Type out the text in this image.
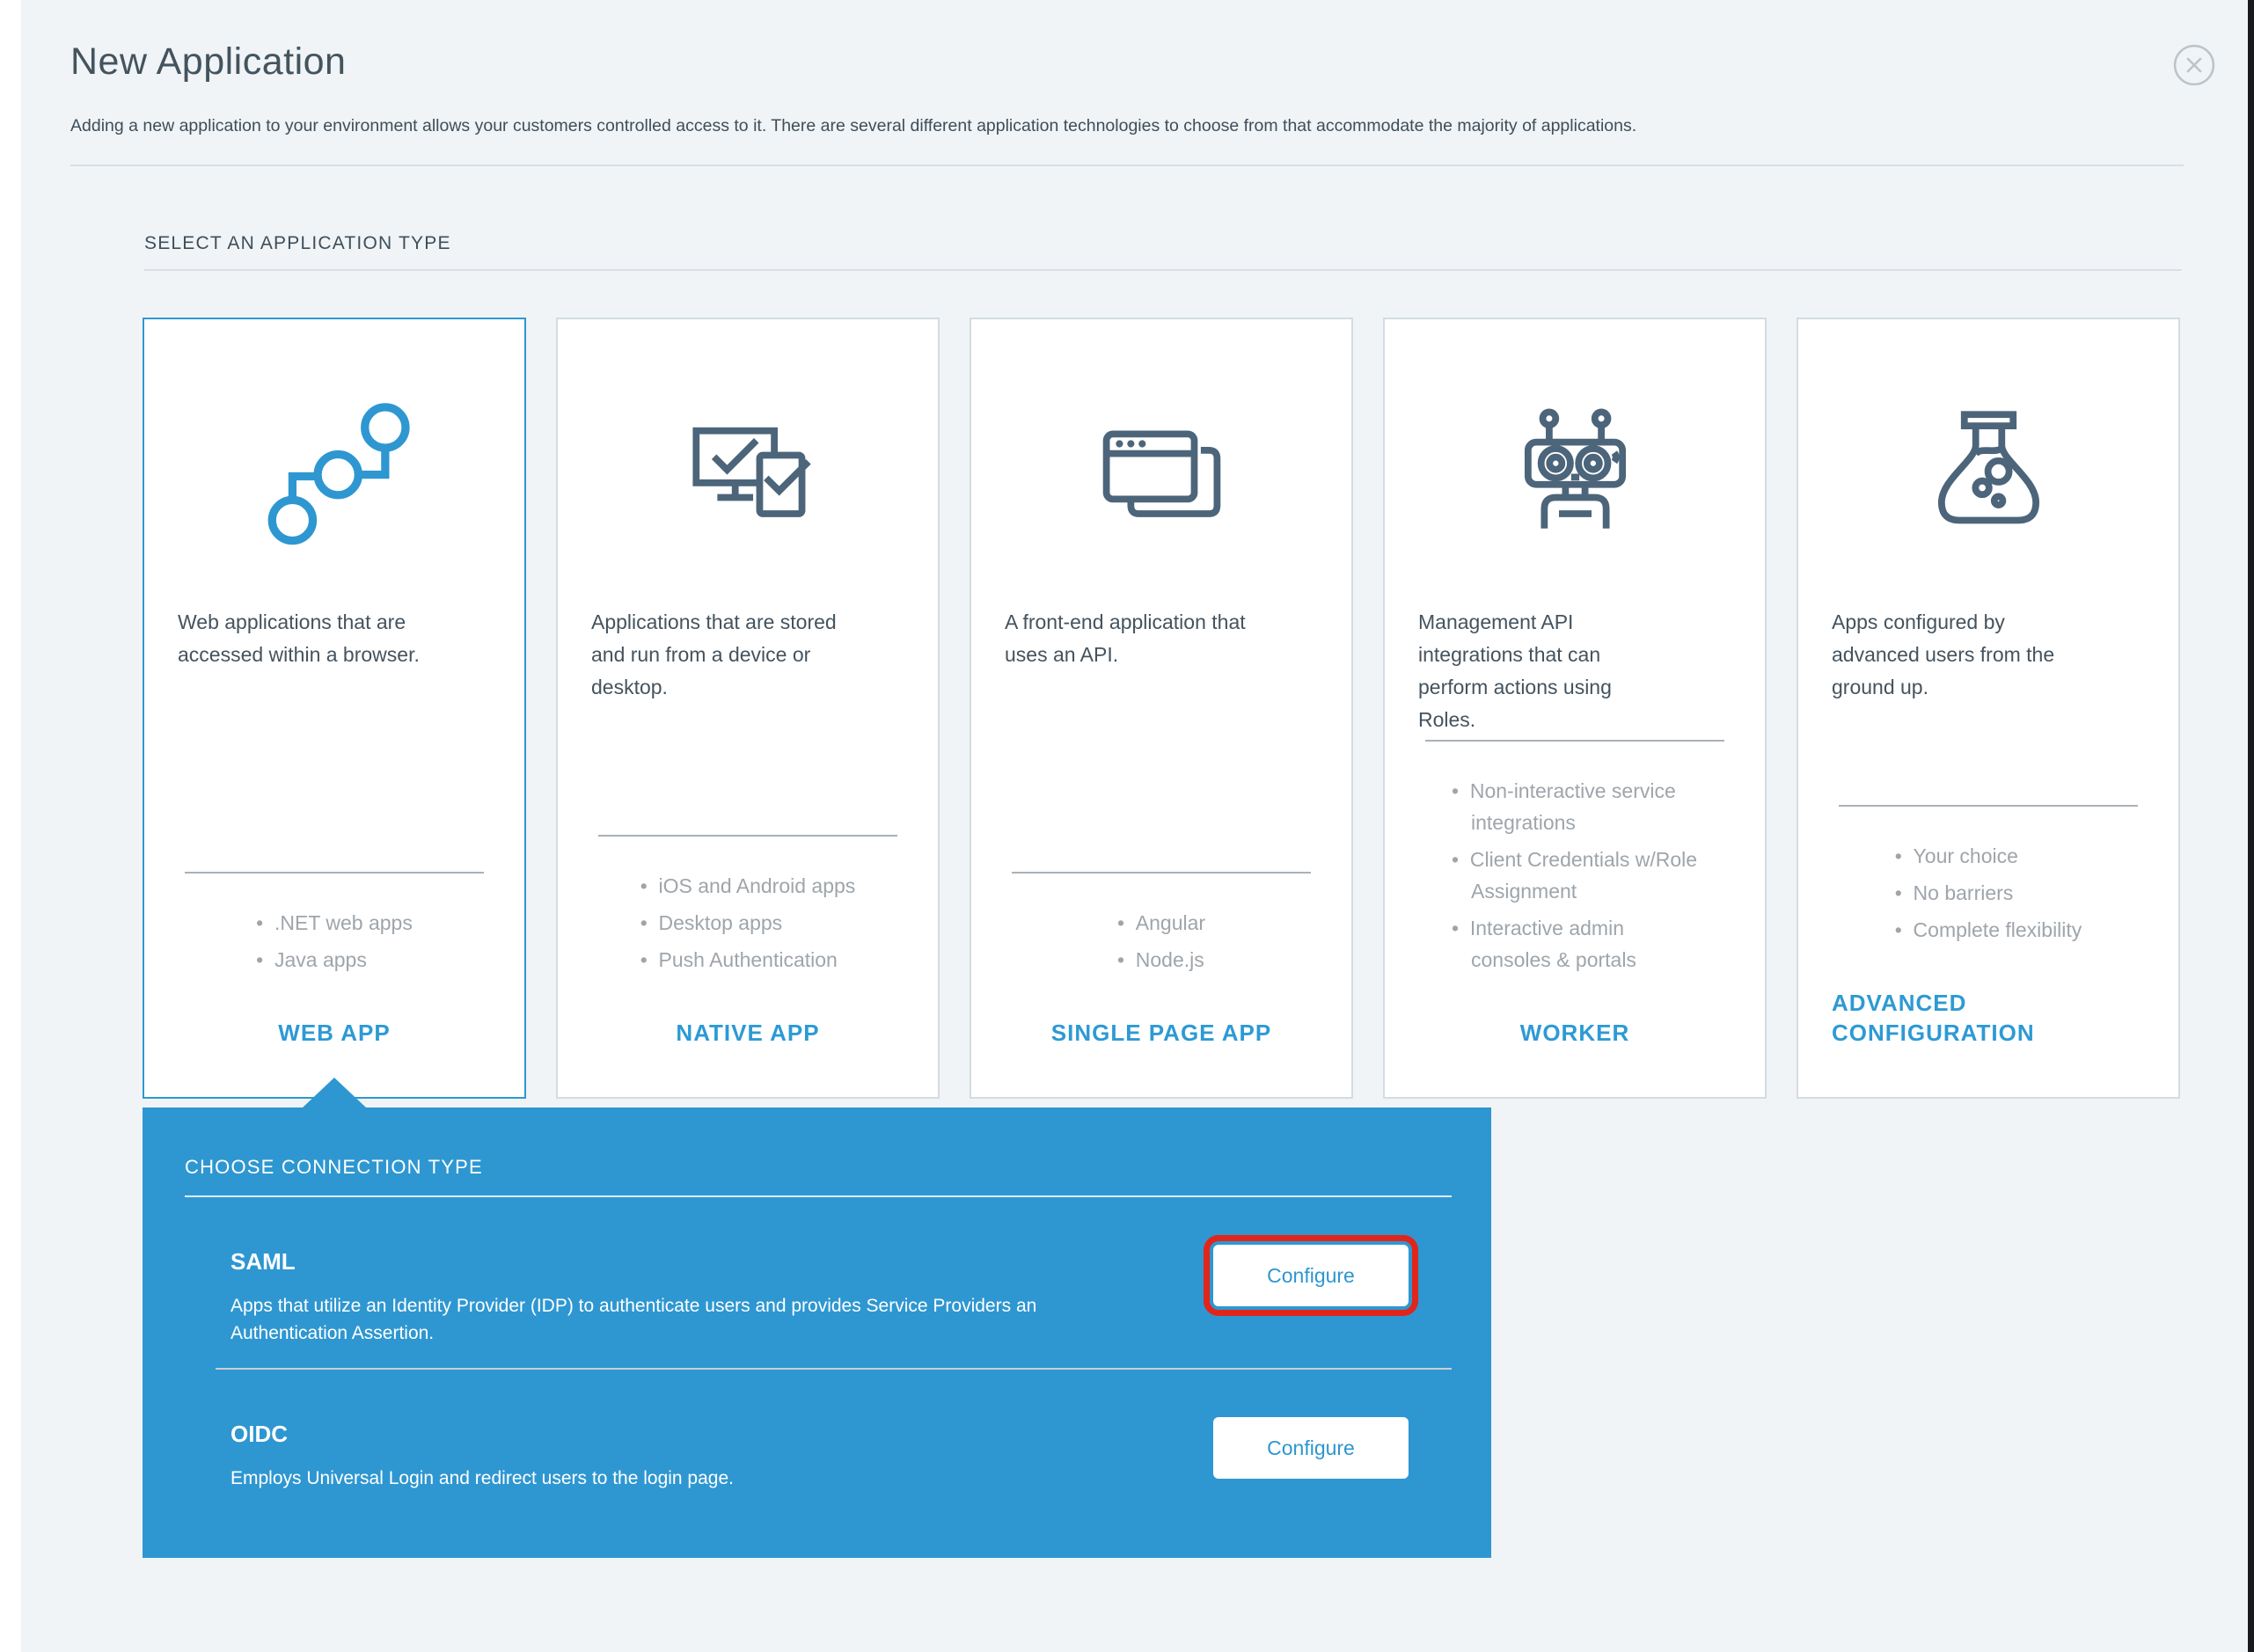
New Application

Adding a new application to your environment allows your customers controlled access to it. There are several different application technologies to choose from that accommodate the majority of applications.

SELECT AN APPLICATION TYPE

Web applications that are accessed within a browser.

•  .NET web apps
•  Java apps
WEB APP

Applications that are stored and run from a device or desktop.

•  iOS and Android apps
•  Desktop apps
•  Push Authentication
NATIVE APP

A front-end application that uses an API.

•  Angular
•  Node.js
SINGLE PAGE APP

Management API integrations that can perform actions using Roles.

•  Non-interactive service integrations
•  Client Credentials w/Role Assignment
•  Interactive admin consoles & portals
WORKER

Apps configured by advanced users from the ground up.

•  Your choice
•  No barriers
•  Complete flexibility
ADVANCED CONFIGURATION
CHOOSE CONNECTION TYPE
SAML
Apps that utilize an Identity Provider (IDP) to authenticate users and provides Service Providers an Authentication Assertion.
Configure
OIDC
Employs Universal Login and redirect users to the login page.
Configure
